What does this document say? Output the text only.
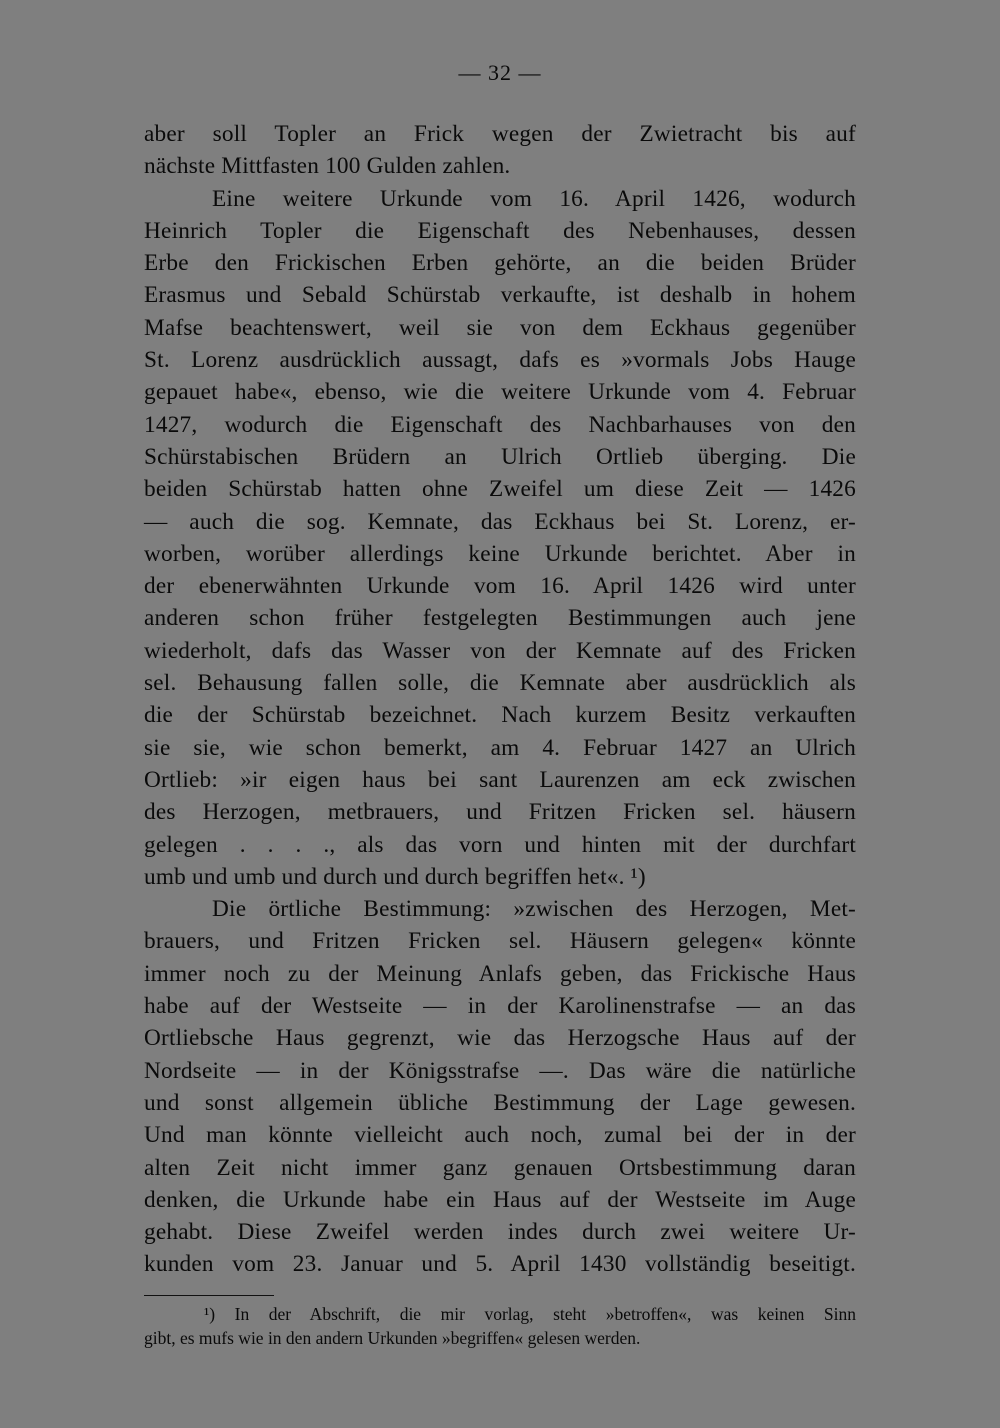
— 32 —
aber soll Topler an Frick wegen der Zwietracht bis auf
nächste Mittfasten 100 Gulden zahlen.
Eine weitere Urkunde vom 16. April 1426, wodurch
Heinrich Topler die Eigenschaft des Nebenhauses, dessen
Erbe den Frickischen Erben gehörte, an die beiden Brüder
Erasmus und Sebald Schürstab verkaufte, ist deshalb in hohem
Mafse beachtenswert, weil sie von dem Eckhaus gegenüber
St. Lorenz ausdrücklich aussagt, dafs es »vormals Jobs Hauge
gepauet habe«, ebenso, wie die weitere Urkunde vom 4. Februar
1427, wodurch die Eigenschaft des Nachbarhauses von den
Schürstabischen Brüdern an Ulrich Ortlieb überging. Die
beiden Schürstab hatten ohne Zweifel um diese Zeit — 1426
— auch die sog. Kemnate, das Eckhaus bei St. Lorenz, er-
worben, worüber allerdings keine Urkunde berichtet. Aber in
der ebenerwähnten Urkunde vom 16. April 1426 wird unter
anderen schon früher festgelegten Bestimmungen auch jene
wiederholt, dafs das Wasser von der Kemnate auf des Fricken
sel. Behausung fallen solle, die Kemnate aber ausdrücklich als
die der Schürstab bezeichnet. Nach kurzem Besitz verkauften
sie sie, wie schon bemerkt, am 4. Februar 1427 an Ulrich
Ortlieb: »ir eigen haus bei sant Laurenzen am eck zwischen
des Herzogen, metbrauers, und Fritzen Fricken sel. häusern
gelegen . . . ., als das vorn und hinten mit der durchfart
umb und umb und durch und durch begriffen het«. ¹)
Die örtliche Bestimmung: »zwischen des Herzogen, Met-
brauers, und Fritzen Fricken sel. Häusern gelegen« könnte
immer noch zu der Meinung Anlafs geben, das Frickische Haus
habe auf der Westseite — in der Karolinenstrafse — an das
Ortliebsche Haus gegrenzt, wie das Herzogsche Haus auf der
Nordseite — in der Königsstrafse —. Das wäre die natürliche
und sonst allgemein übliche Bestimmung der Lage gewesen.
Und man könnte vielleicht auch noch, zumal bei der in der
alten Zeit nicht immer ganz genauen Ortsbestimmung daran
denken, die Urkunde habe ein Haus auf der Westseite im Auge
gehabt. Diese Zweifel werden indes durch zwei weitere Ur-
kunden vom 23. Januar und 5. April 1430 vollständig beseitigt.
¹) In der Abschrift, die mir vorlag, steht »betroffen«, was keinen Sinn
gibt, es mufs wie in den andern Urkunden »begriffen« gelesen werden.
